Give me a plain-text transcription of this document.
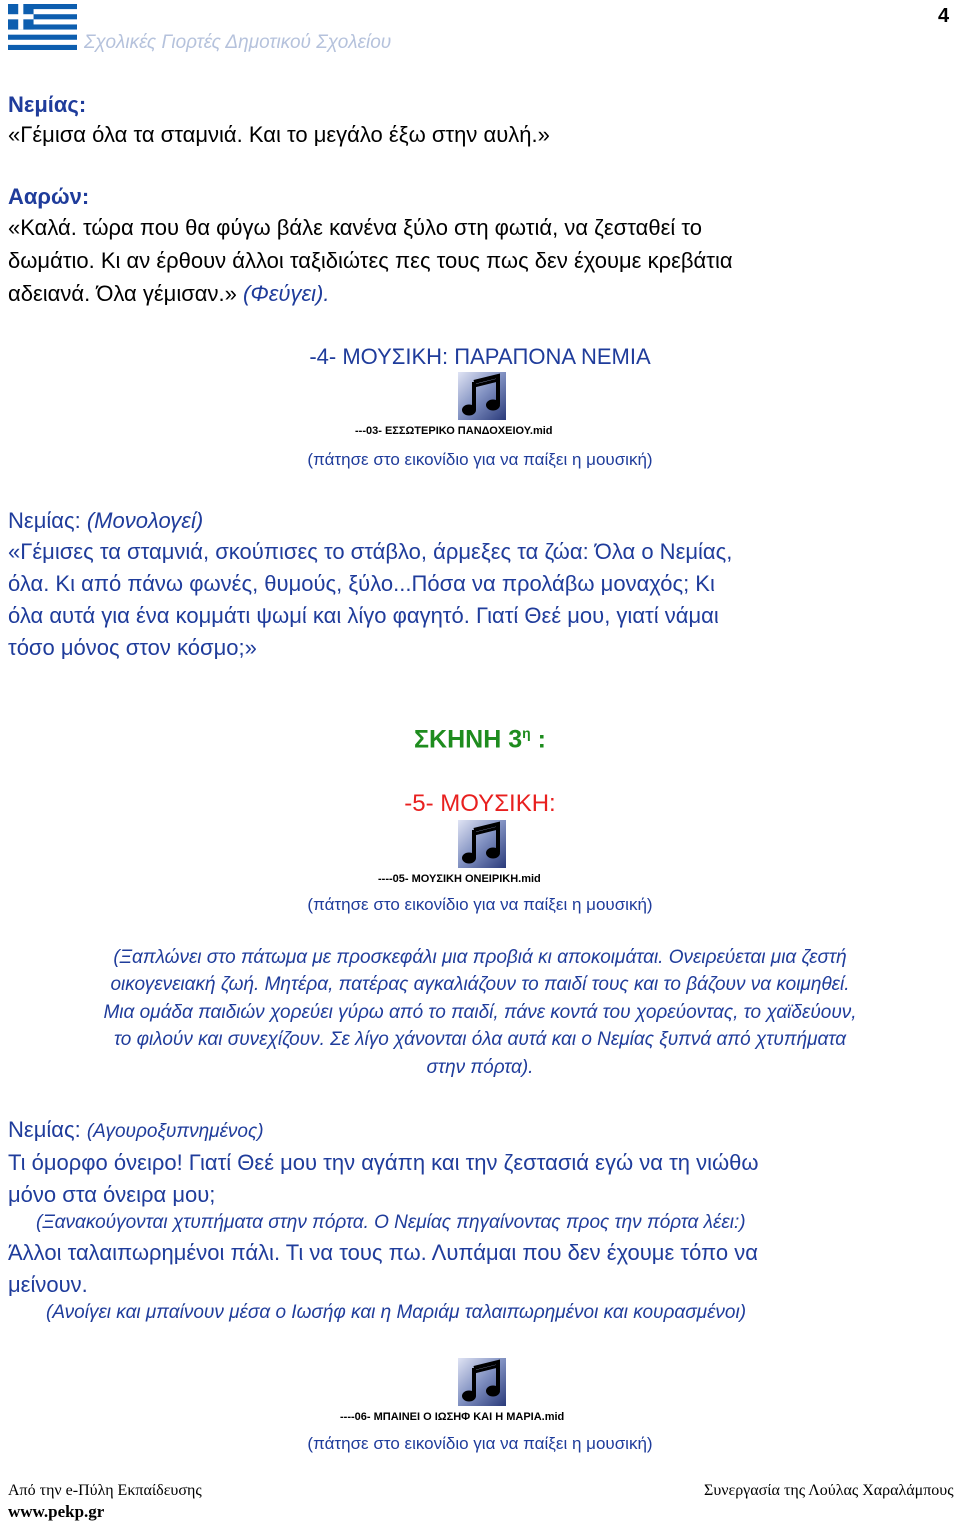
Σχολικές Γιορτές Δημοτικού Σχολείου
4
Νεμίας:
«Γέμισα όλα τα σταμνιά. Και το μεγάλο έξω στην αυλή.»
Ααρών:
«Καλά. τώρα που θα φύγω βάλε κανένα ξύλο στη φωτιά, να ζεσταθεί το
δωμάτιο. Κι αν έρθουν άλλοι ταξιδιώτες πες τους πως δεν έχουμε κρεβάτια
αδειανά. Όλα γέμισαν.» (Φεύγει).
-4- ΜΟΥΣΙΚΗ: ΠΑΡΑΠΟΝΑ ΝΕΜΙΑ
---03- ΕΣΣΩΤΕΡΙΚΟ ΠΑΝΔΟΧΕΙΟΥ.mid
(πάτησε στο εικονίδιο για να παίξει η μουσική)
Νεμίας: (Μονολογεί)
«Γέμισες τα σταμνιά, σκούπισες το στάβλο, άρμεξες τα ζώα: Όλα ο Νεμίας,
όλα. Κι από πάνω φωνές, θυμούς, ξύλο...Πόσα να προλάβω μοναχός; Κι
όλα αυτά για ένα κομμάτι ψωμί και λίγο φαγητό. Γιατί Θεέ μου, γιατί νάμαι
τόσο μόνος στον κόσμο;»
ΣΚΗΝΗ $3^\eta$ :
-5- ΜΟΥΣΙΚΗ:
----05- ΜΟΥΣΙΚΗ ΟΝΕΙΡΙΚΗ.mid
(πάτησε στο εικονίδιο για να παίξει η μουσική)
(Ξαπλώνει στο πάτωμα με προσκεφάλι μια προβιά κι αποκοιμάται. Ονειρεύεται μια ζεστή
οικογενειακή ζωή. Μητέρα, πατέρας αγκαλιάζουν το παιδί τους και το βάζουν να κοιμηθεί.
Μια ομάδα παιδιών χορεύει γύρω από το παιδί, πάνε κοντά του χορεύοντας, το χαϊδεύουν,
το φιλούν και συνεχίζουν. Σε λίγο χάνονται όλα αυτά και ο Νεμίας ξυπνά από χτυπήματα
στην πόρτα).
Νεμίας: (Αγουροξυπνημένος)
Τι όμορφο όνειρο! Γιατί Θεέ μου την αγάπη και την ζεστασιά εγώ να τη νιώθω
μόνο στα όνειρα μου;
(Ξανακούγονται χτυπήματα στην πόρτα. Ο Νεμίας πηγαίνοντας προς την πόρτα λέει:)
Άλλοι ταλαιπωρημένοι πάλι. Τι να τους πω. Λυπάμαι που δεν έχουμε τόπο να
μείνουν.
(Ανοίγει και μπαίνουν μέσα ο Ιωσήφ και η Μαριάμ ταλαιπωρημένοι και κουρασμένοι)
----06- ΜΠΑΙΝΕΙ Ο ΙΩΣΗΦ ΚΑΙ Η ΜΑΡΙΑ.mid
(πάτησε στο εικονίδιο για να παίξει η μουσική)
Από την e-Πύλη Εκπαίδευσης
www.pekp.gr
Συνεργασία της Λούλας Χαραλάμπους
